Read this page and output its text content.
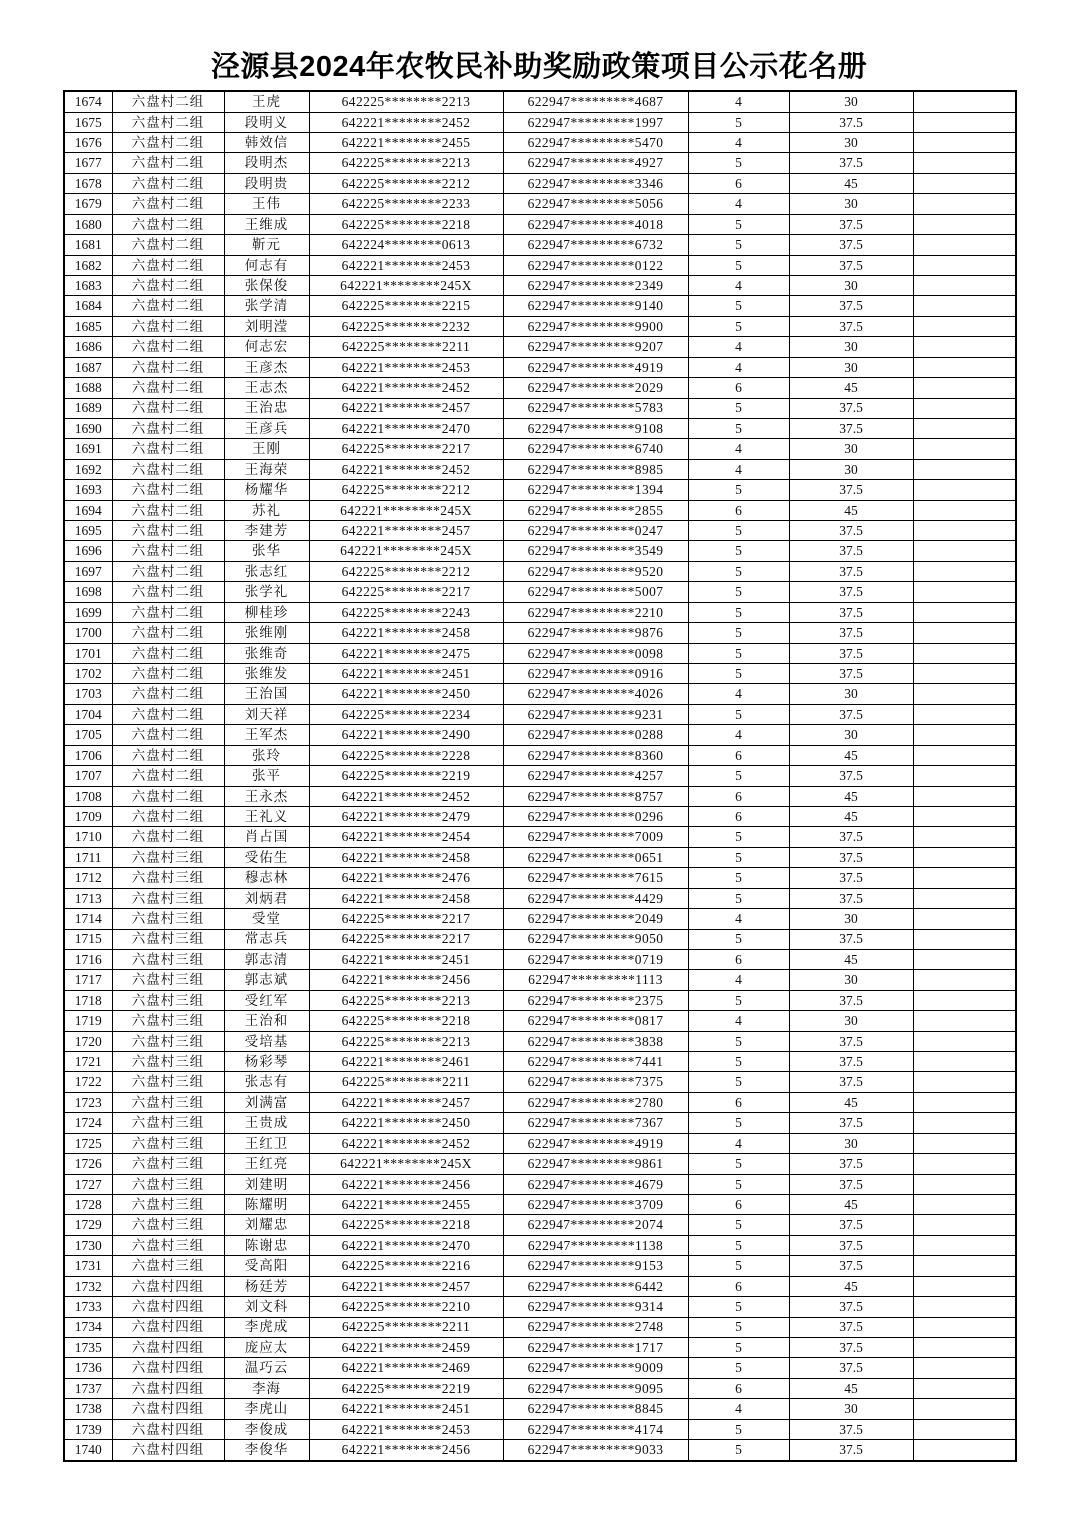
泾源县2024年农牧民补助奖励政策项目公示花名册
1674	六盘村二组	王虎	642225********2213	622947*********4687	4	30	
1675	六盘村二组	段明义	642221********2452	622947*********1997	5	37.5	
1676	六盘村二组	韩效信	642221********2455	622947*********5470	4	30	
1677	六盘村二组	段明杰	642225********2213	622947*********4927	5	37.5	
1678	六盘村二组	段明贵	642225********2212	622947*********3346	6	45	
1679	六盘村二组	王伟	642225********2233	622947*********5056	4	30	
1680	六盘村二组	王维成	642225********2218	622947*********4018	5	37.5	
1681	六盘村二组	靳元	642224********0613	622947*********6732	5	37.5	
1682	六盘村二组	何志有	642221********2453	622947*********0122	5	37.5	
1683	六盘村二组	张保俊	642221********245X	622947*********2349	4	30	
1684	六盘村二组	张学清	642225********2215	622947*********9140	5	37.5	
1685	六盘村二组	刘明滢	642225********2232	622947*********9900	5	37.5	
1686	六盘村二组	何志宏	642225********2211	622947*********9207	4	30	
1687	六盘村二组	王彦杰	642221********2453	622947*********4919	4	30	
1688	六盘村二组	王志杰	642221********2452	622947*********2029	6	45	
1689	六盘村二组	王治忠	642221********2457	622947*********5783	5	37.5	
1690	六盘村二组	王彦兵	642221********2470	622947*********9108	5	37.5	
1691	六盘村二组	王刚	642225********2217	622947*********6740	4	30	
1692	六盘村二组	王海荣	642221********2452	622947*********8985	4	30	
1693	六盘村二组	杨耀华	642225********2212	622947*********1394	5	37.5	
1694	六盘村二组	苏礼	642221********245X	622947*********2855	6	45	
1695	六盘村二组	李建芳	642221********2457	622947*********0247	5	37.5	
1696	六盘村二组	张华	642221********245X	622947*********3549	5	37.5	
1697	六盘村二组	张志红	642225********2212	622947*********9520	5	37.5	
1698	六盘村二组	张学礼	642225********2217	622947*********5007	5	37.5	
1699	六盘村二组	柳桂珍	642225********2243	622947*********2210	5	37.5	
1700	六盘村二组	张维刚	642221********2458	622947*********9876	5	37.5	
1701	六盘村二组	张维奇	642221********2475	622947*********0098	5	37.5	
1702	六盘村二组	张维发	642221********2451	622947*********0916	5	37.5	
1703	六盘村二组	王治国	642221********2450	622947*********4026	4	30	
1704	六盘村二组	刘天祥	642225********2234	622947*********9231	5	37.5	
1705	六盘村二组	王军杰	642221********2490	622947*********0288	4	30	
1706	六盘村二组	张玲	642225********2228	622947*********8360	6	45	
1707	六盘村二组	张平	642225********2219	622947*********4257	5	37.5	
1708	六盘村二组	王永杰	642221********2452	622947*********8757	6	45	
1709	六盘村二组	王礼义	642221********2479	622947*********0296	6	45	
1710	六盘村二组	肖占国	642221********2454	622947*********7009	5	37.5	
1711	六盘村三组	受佑生	642221********2458	622947*********0651	5	37.5	
1712	六盘村三组	穆志林	642221********2476	622947*********7615	5	37.5	
1713	六盘村三组	刘炳君	642221********2458	622947*********4429	5	37.5	
1714	六盘村三组	受堂	642225********2217	622947*********2049	4	30	
1715	六盘村三组	常志兵	642225********2217	622947*********9050	5	37.5	
1716	六盘村三组	郭志清	642221********2451	622947*********0719	6	45	
1717	六盘村三组	郭志斌	642221********2456	622947*********1113	4	30	
1718	六盘村三组	受红军	642225********2213	622947*********2375	5	37.5	
1719	六盘村三组	王治和	642225********2218	622947*********0817	4	30	
1720	六盘村三组	受培基	642225********2213	622947*********3838	5	37.5	
1721	六盘村三组	杨彩琴	642221********2461	622947*********7441	5	37.5	
1722	六盘村三组	张志有	642225********2211	622947*********7375	5	37.5	
1723	六盘村三组	刘满富	642221********2457	622947*********2780	6	45	
1724	六盘村三组	王贵成	642221********2450	622947*********7367	5	37.5	
1725	六盘村三组	王红卫	642221********2452	622947*********4919	4	30	
1726	六盘村三组	王红亮	642221********245X	622947*********9861	5	37.5	
1727	六盘村三组	刘建明	642221********2456	622947*********4679	5	37.5	
1728	六盘村三组	陈耀明	642221********2455	622947*********3709	6	45	
1729	六盘村三组	刘耀忠	642225********2218	622947*********2074	5	37.5	
1730	六盘村三组	陈谢忠	642221********2470	622947*********1138	5	37.5	
1731	六盘村三组	受高阳	642225********2216	622947*********9153	5	37.5	
1732	六盘村四组	杨廷芳	642221********2457	622947*********6442	6	45	
1733	六盘村四组	刘文科	642225********2210	622947*********9314	5	37.5	
1734	六盘村四组	李虎成	642225********2211	622947*********2748	5	37.5	
1735	六盘村四组	庞应太	642221********2459	622947*********1717	5	37.5	
1736	六盘村四组	温巧云	642221********2469	622947*********9009	5	37.5	
1737	六盘村四组	李海	642225********2219	622947*********9095	6	45	
1738	六盘村四组	李虎山	642221********2451	622947*********8845	4	30	
1739	六盘村四组	李俊成	642221********2453	622947*********4174	5	37.5	
1740	六盘村四组	李俊华	642221********2456	622947*********9033	5	37.5	
